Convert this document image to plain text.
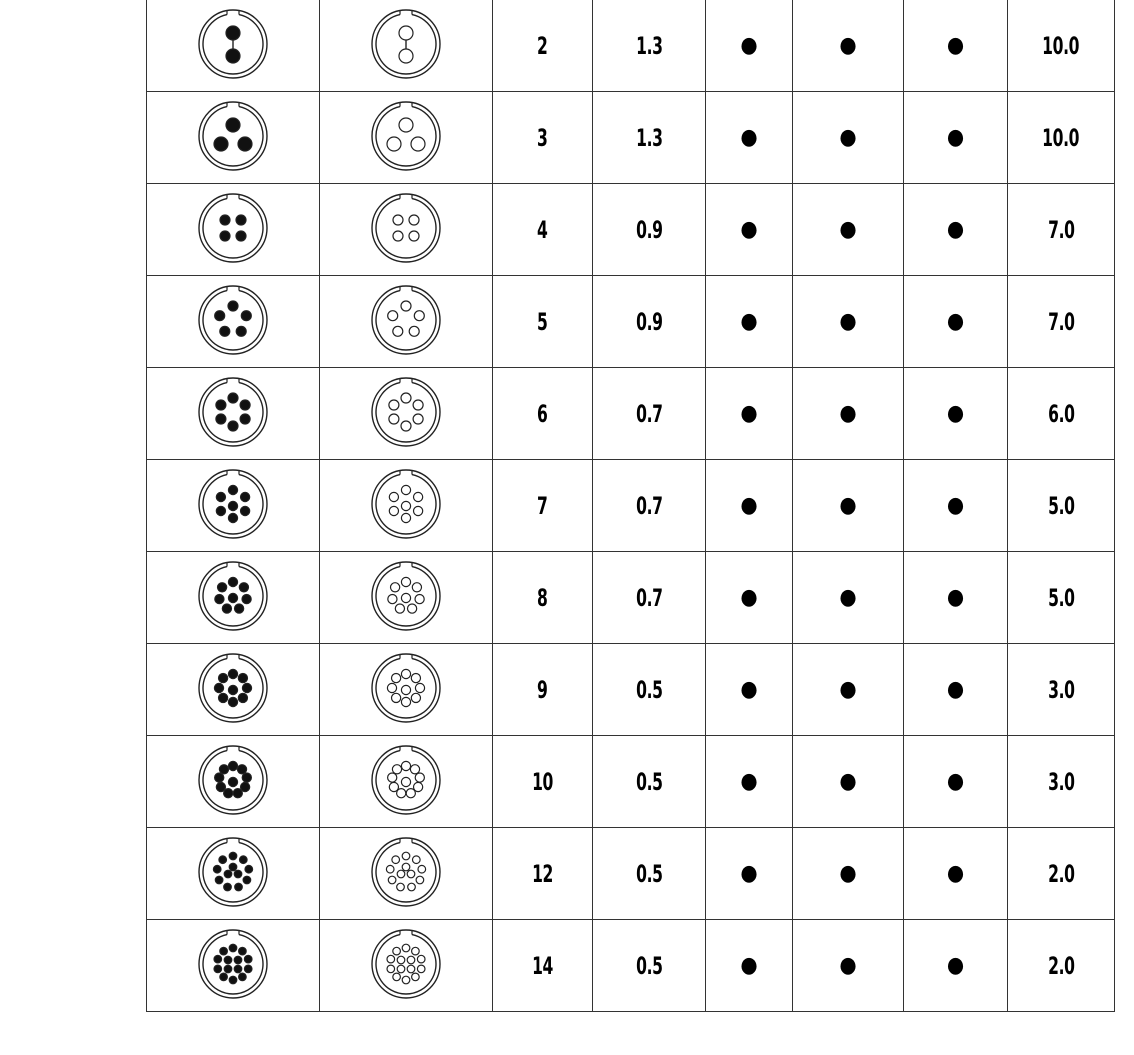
	2	1.3	●	●	●	10.0

	3	1.3	●	●	●	10.0

	4	0.9	●	●	●	7.0

	5	0.9	●	●	●	7.0

	6	0.7	●	●	●	6.0

	7	0.7	●	●	●	5.0

	8	0.7	●	●	●	5.0

	9	0.5	●	●	●	3.0

	10	0.5	●	●	●	3.0

	12	0.5	●	●	●	2.0

	14	0.5	●	●	●	2.0
